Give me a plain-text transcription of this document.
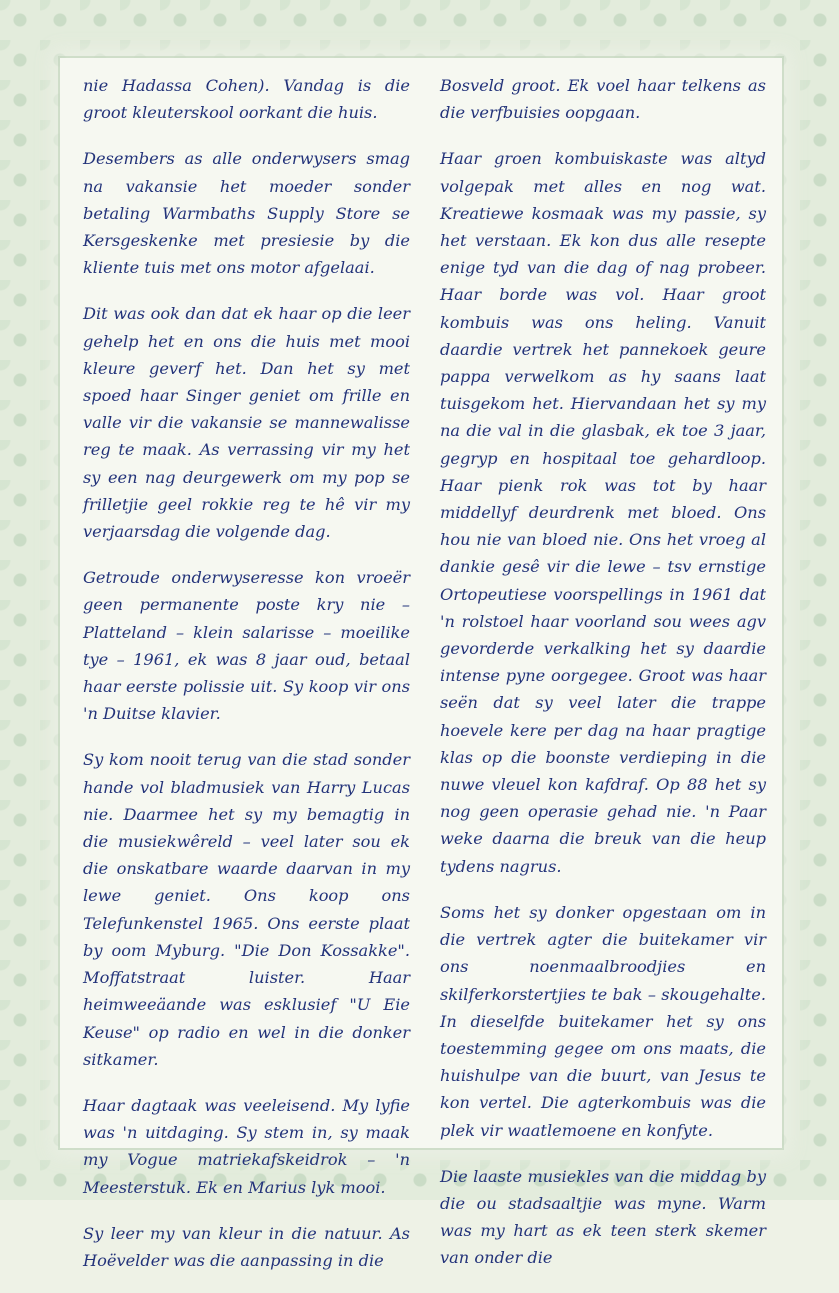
nie Hadassa Cohen). Vandag is die groot kleuterskool oorkant die huis.

Desembers as alle onderwysers smag na vakansie het moeder sonder betaling Warmbaths Supply Store se Kersgeskenke met presiesie by die kliente tuis met ons motor afgelaai.

Dit was ook dan dat ek haar op die leer gehelp het en ons die huis met mooi kleure geverf het. Dan het sy met spoed haar Singer geniet om frille en valle vir die vakansie se mannewalisse reg te maak. As verrassing vir my het sy een nag deurgewerk om my pop se frilletjie geel rokkie reg te hê vir my verjaarsdag die volgende dag.

Getroude onderwyseresse kon vroeër geen permanente poste kry nie – Platteland – klein salarisse – moeilike tye – 1961, ek was 8 jaar oud, betaal haar eerste polissie uit. Sy koop vir ons 'n Duitse klavier.

Sy kom nooit terug van die stad sonder hande vol bladmusiek van Harry Lucas nie. Daarmee het sy my bemagtig in die musiekwêreld – veel later sou ek die onskatbare waarde daarvan in my lewe geniet. Ons koop ons Telefunkenstel 1965. Ons eerste plaat by oom Myburg. "Die Don Kossakke". Moffatstraat luister. Haar heimweeäande was esklusief "U Eie Keuse" op radio en wel in die donker sitkamer.

Haar dagtaak was veeleisend. My lyfie was 'n uitdaging. Sy stem in, sy maak my Vogue matriekafskeidrok – 'n Meesterstuk. Ek en Marius lyk mooi.

Sy leer my van kleur in die natuur. As Hoëvelder was die aanpassing in die

Bosveld groot. Ek voel haar telkens as die verfbuisies oopgaan.

Haar groen kombuiskaste was altyd volgepak met alles en nog wat. Kreatiewe kosmaak was my passie, sy het verstaan. Ek kon dus alle resepte enige tyd van die dag of nag probeer. Haar borde was vol. Haar groot kombuis was ons heling. Vanuit daardie vertrek het pannekoek geure pappa verwelkom as hy saans laat tuisgekom het. Hiervandaan het sy my na die val in die glasbak, ek toe 3 jaar, gegryp en hospitaal toe gehardloop. Haar pienk rok was tot by haar middellyf deurdrenk met bloed. Ons hou nie van bloed nie. Ons het vroeg al dankie gesê vir die lewe – tsv ernstige Ortopeutiese voorspellings in 1961 dat 'n rolstoel haar voorland sou wees agv gevorderde verkalking het sy daardie intense pyne oorgegee. Groot was haar seën dat sy veel later die trappe hoevele kere per dag na haar pragtige klas op die boonste verdieping in die nuwe vleuel kon kafdraf. Op 88 het sy nog geen operasie gehad nie. 'n Paar weke daarna die breuk van die heup tydens nagrus.

Soms het sy donker opgestaan om in die vertrek agter die buitekamer vir ons noenmaalbroodjies en skilferkorstertjies te bak – skougehalte. In dieselfde buitekamer het sy ons toestemming gegee om ons maats, die huishulpe van die buurt, van Jesus te kon vertel. Die agterkombuis was die plek vir waatlemoene en konfyte.

Die laaste musiekles van die middag by die ou stadsaaltjie was myne. Warm was my hart as ek teen sterk skemer van onder die
